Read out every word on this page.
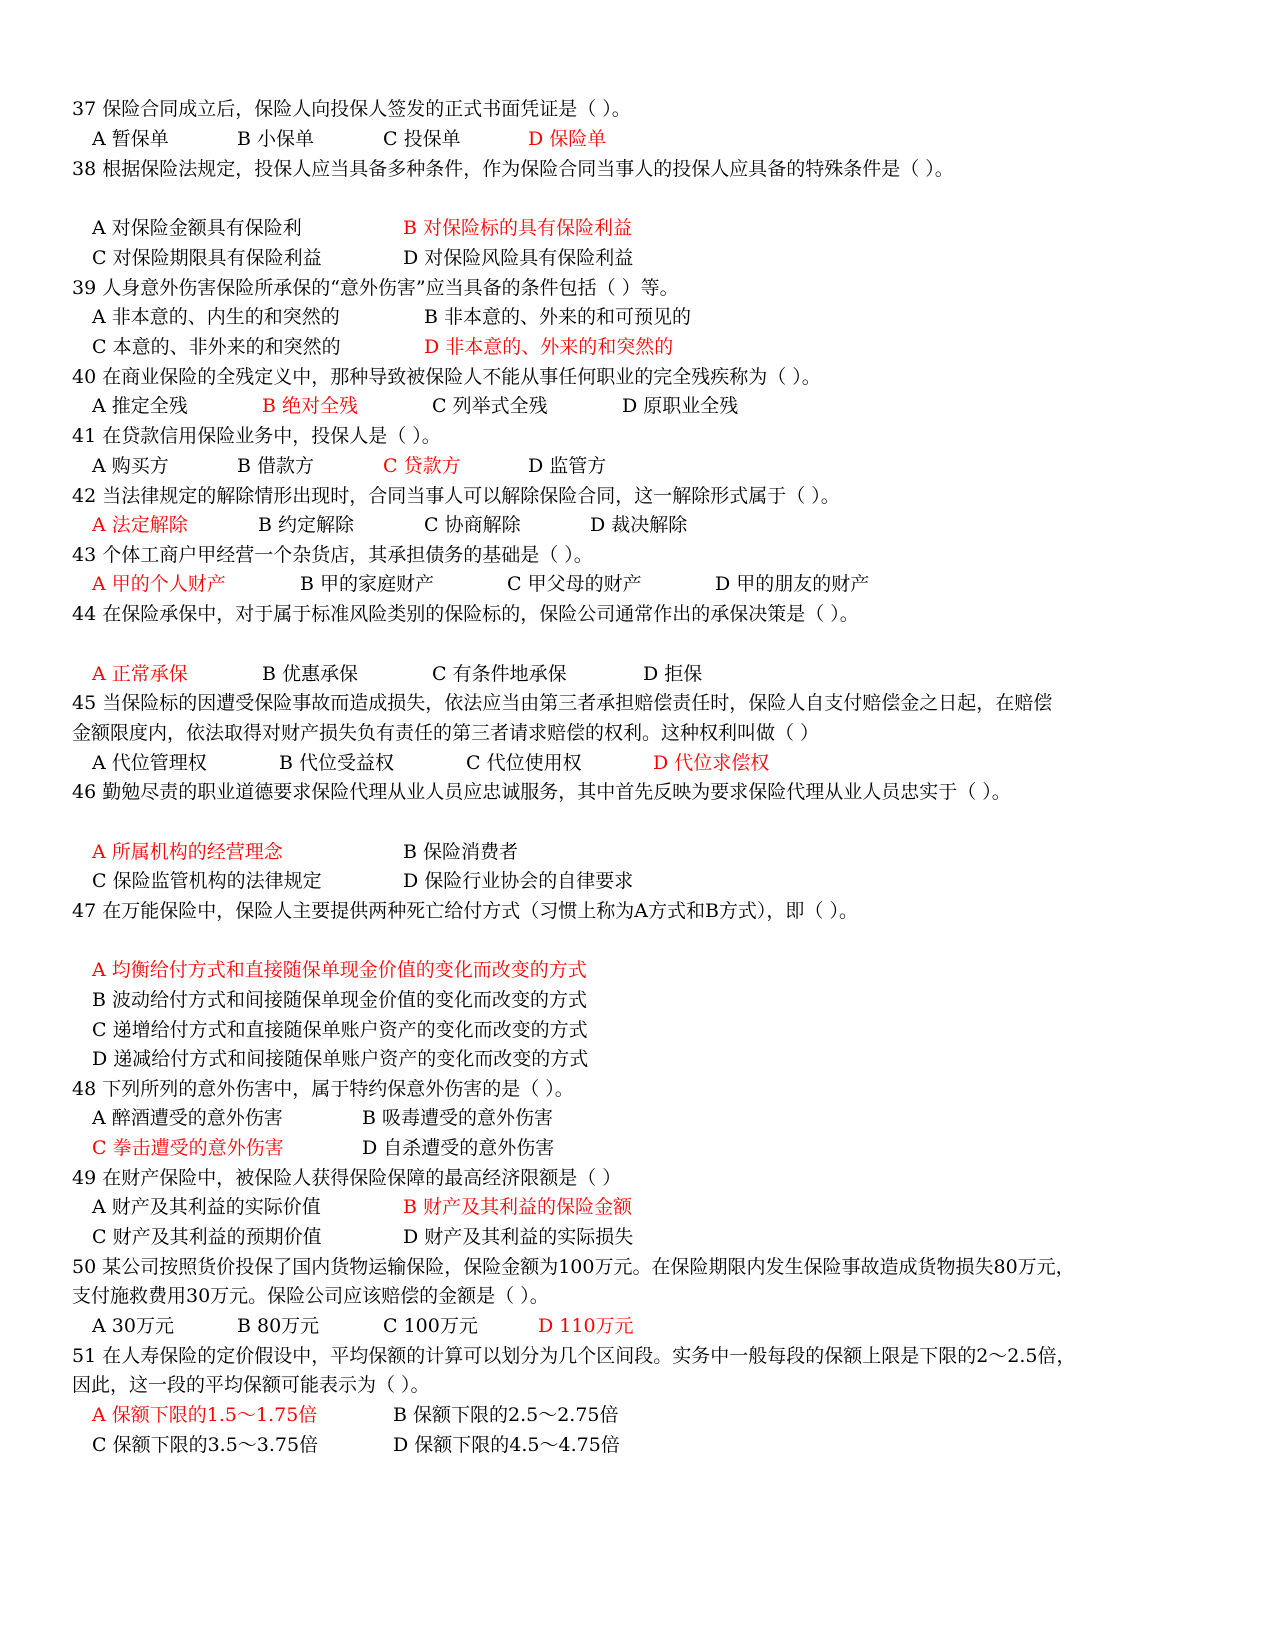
37 保险合同成立后，保险人向投保人签发的正式书面凭证是（ ）。
A 暂保单	B 小保单	C 投保单	D 保险单
38 根据保险法规定，投保人应当具备多种条件，作为保险合同当事人的投保人应具备的特殊条件是（ ）。
A 对保险金额具有保险利	B 对保险标的具有保险利益
C 对保险期限具有保险利益	D 对保险风险具有保险利益
39 人身意外伤害保险所承保的“意外伤害”应当具备的条件包括（ ）等。
A 非本意的、内生的和突然的	B 非本意的、外来的和可预见的
C 本意的、非外来的和突然的	D 非本意的、外来的和突然的
40 在商业保险的全残定义中，那种导致被保险人不能从事任何职业的完全残疾称为（ ）。
A 推定全残	B 绝对全残	C 列举式全残	D 原职业全残
41 在贷款信用保险业务中，投保人是（ ）。
A 购买方	B 借款方	C 贷款方	D 监管方
42 当法律规定的解除情形出现时，合同当事人可以解除保险合同，这一解除形式属于（ ）。
A 法定解除	B 约定解除	C 协商解除	D 裁决解除
43 个体工商户甲经营一个杂货店，其承担债务的基础是（ ）。
A 甲的个人财产	B 甲的家庭财产	C 甲父母的财产	D 甲的朋友的财产
44 在保险承保中，对于属于标准风险类别的保险标的，保险公司通常作出的承保决策是（ ）。
A 正常承保	B 优惠承保	C 有条件地承保	D 拒保
45 当保险标的因遭受保险事故而造成损失，依法应当由第三者承担赔偿责任时，保险人自支付赔偿金之日起，在赔偿
金额限度内，依法取得对财产损失负有责任的第三者请求赔偿的权利。这种权利叫做（ ）
A 代位管理权	B 代位受益权	C 代位使用权	D 代位求偿权
46 勤勉尽责的职业道德要求保险代理从业人员应忠诚服务，其中首先反映为要求保险代理从业人员忠实于（ ）。
A 所属机构的经营理念	B 保险消费者
C 保险监管机构的法律规定	D 保险行业协会的自律要求
47 在万能保险中，保险人主要提供两种死亡给付方式（习惯上称为A方式和B方式），即（ ）。
A 均衡给付方式和直接随保单现金价值的变化而改变的方式
B 波动给付方式和间接随保单现金价值的变化而改变的方式
C 递增给付方式和直接随保单账户资产的变化而改变的方式
D 递减给付方式和间接随保单账户资产的变化而改变的方式
48 下列所列的意外伤害中，属于特约保意外伤害的是（ ）。
A 醉酒遭受的意外伤害	B 吸毒遭受的意外伤害
C 拳击遭受的意外伤害	D 自杀遭受的意外伤害
49 在财产保险中，被保险人获得保险保障的最高经济限额是（ ）
A 财产及其利益的实际价值	B 财产及其利益的保险金额
C 财产及其利益的预期价值	D 财产及其利益的实际损失
50 某公司按照货价投保了国内货物运输保险，保险金额为100万元。在保险期限内发生保险事故造成货物损失80万元，
支付施救费用30万元。保险公司应该赔偿的金额是（ ）。
A 30万元	B 80万元	C 100万元	D 110万元
51 在人寿保险的定价假设中，平均保额的计算可以划分为几个区间段。实务中一般每段的保额上限是下限的2～2.5倍，
因此，这一段的平均保额可能表示为（ ）。
A 保额下限的1.5～1.75倍	B 保额下限的2.5～2.75倍
C 保额下限的3.5～3.75倍	D 保额下限的4.5～4.75倍
